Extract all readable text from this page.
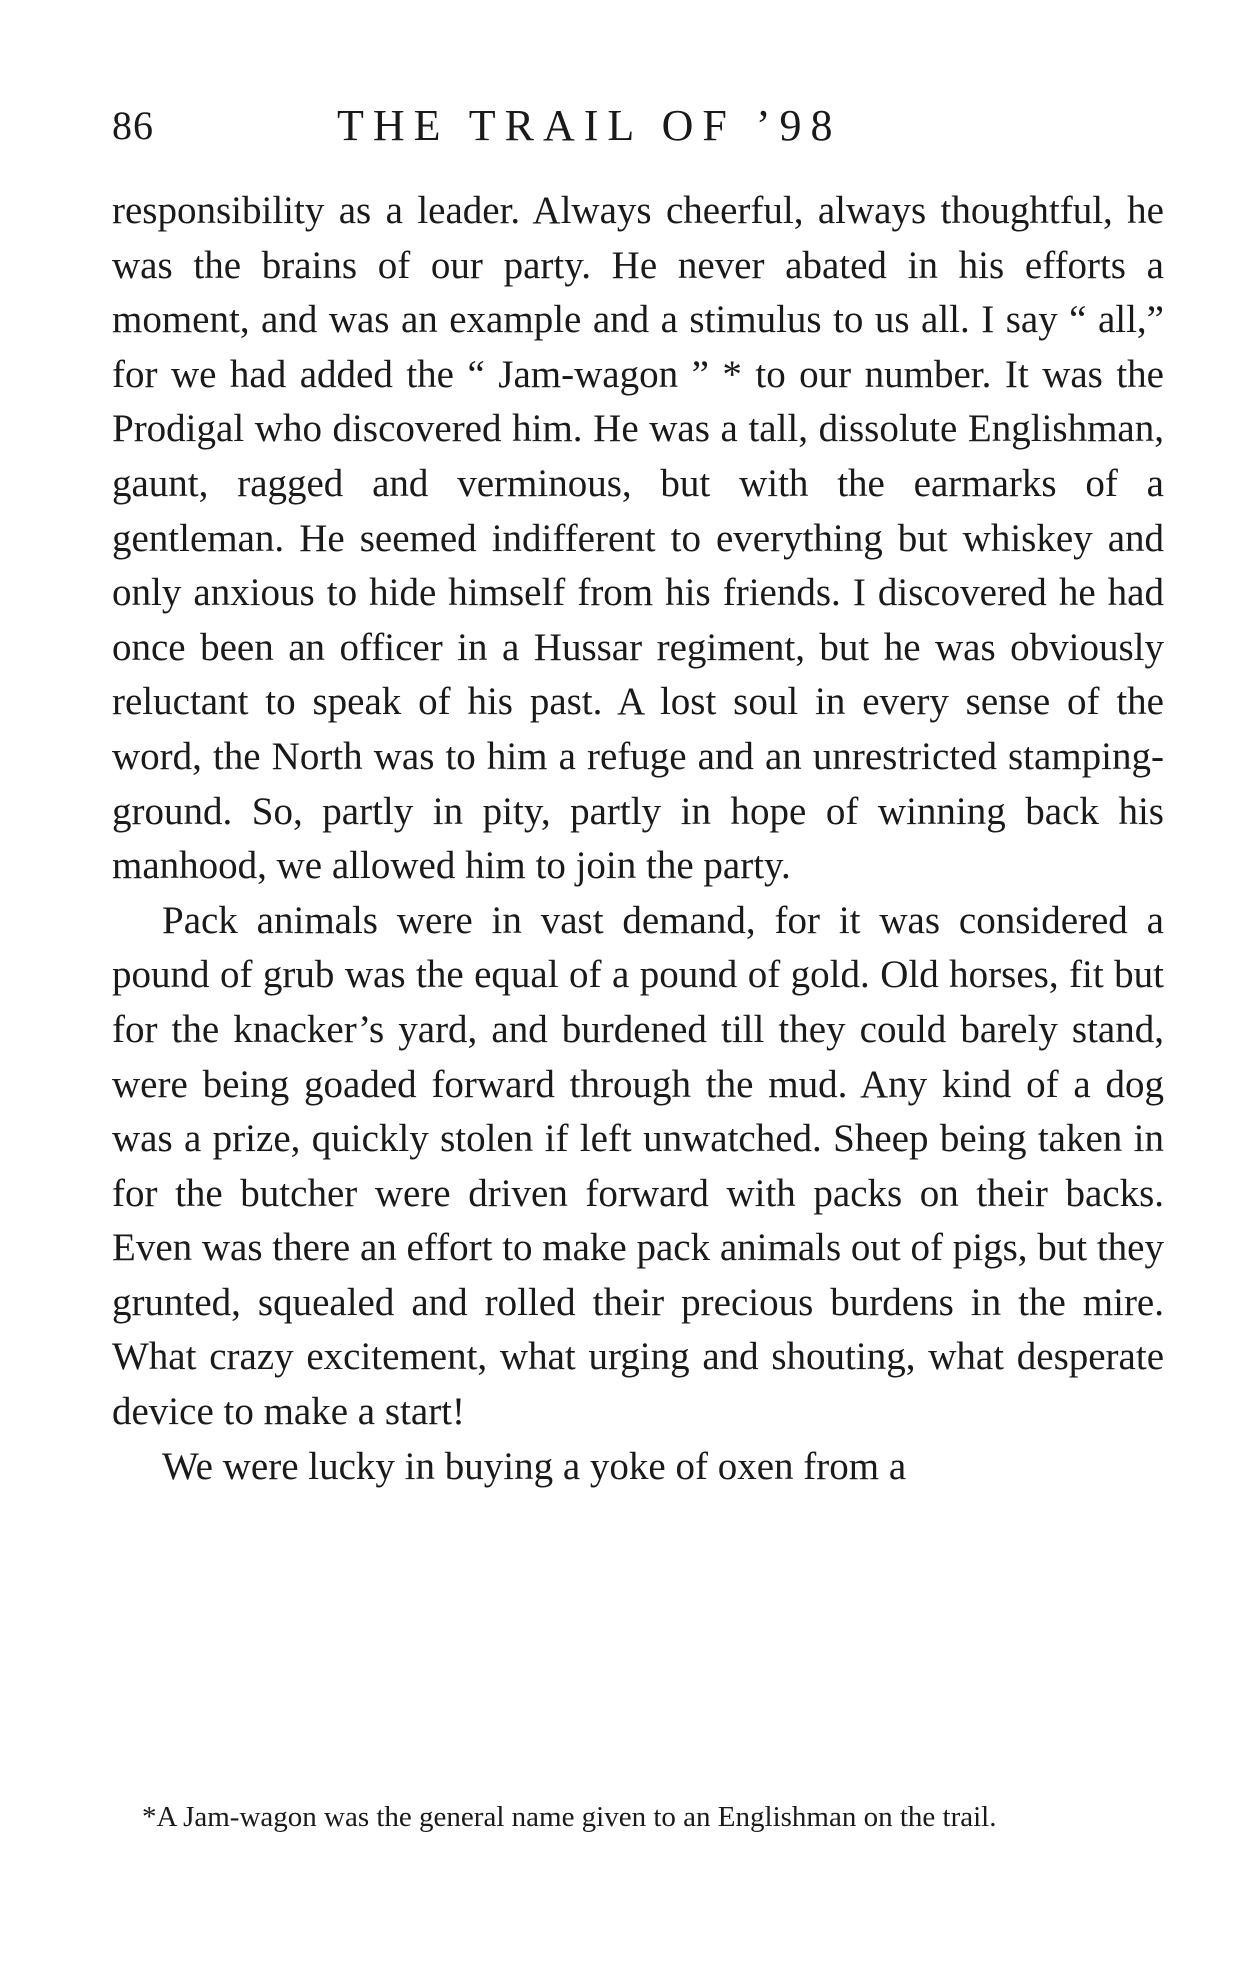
86	THE TRAIL OF ’98

responsibility as a leader. Always cheerful, always thoughtful, he was the brains of our party. He never abated in his efforts a moment, and was an example and a stimulus to us all. I say “ all,” for we had added the “ Jam-wagon ” * to our number. It was the Prodigal who discovered him. He was a tall, dissolute Englishman, gaunt, ragged and verminous, but with the earmarks of a gentleman. He seemed indifferent to everything but whiskey and only anxious to hide himself from his friends. I discovered he had once been an officer in a Hussar regiment, but he was obviously reluctant to speak of his past. A lost soul in every sense of the word, the North was to him a refuge and an unrestricted stamping-ground. So, partly in pity, partly in hope of winning back his manhood, we allowed him to join the party.

Pack animals were in vast demand, for it was considered a pound of grub was the equal of a pound of gold. Old horses, fit but for the knacker’s yard, and burdened till they could barely stand, were being goaded forward through the mud. Any kind of a dog was a prize, quickly stolen if left unwatched. Sheep being taken in for the butcher were driven forward with packs on their backs. Even was there an effort to make pack animals out of pigs, but they grunted, squealed and rolled their precious burdens in the mire. What crazy excitement, what urging and shouting, what desperate device to make a start!

We were lucky in buying a yoke of oxen from a

*A Jam-wagon was the general name given to an Englishman on the trail.
